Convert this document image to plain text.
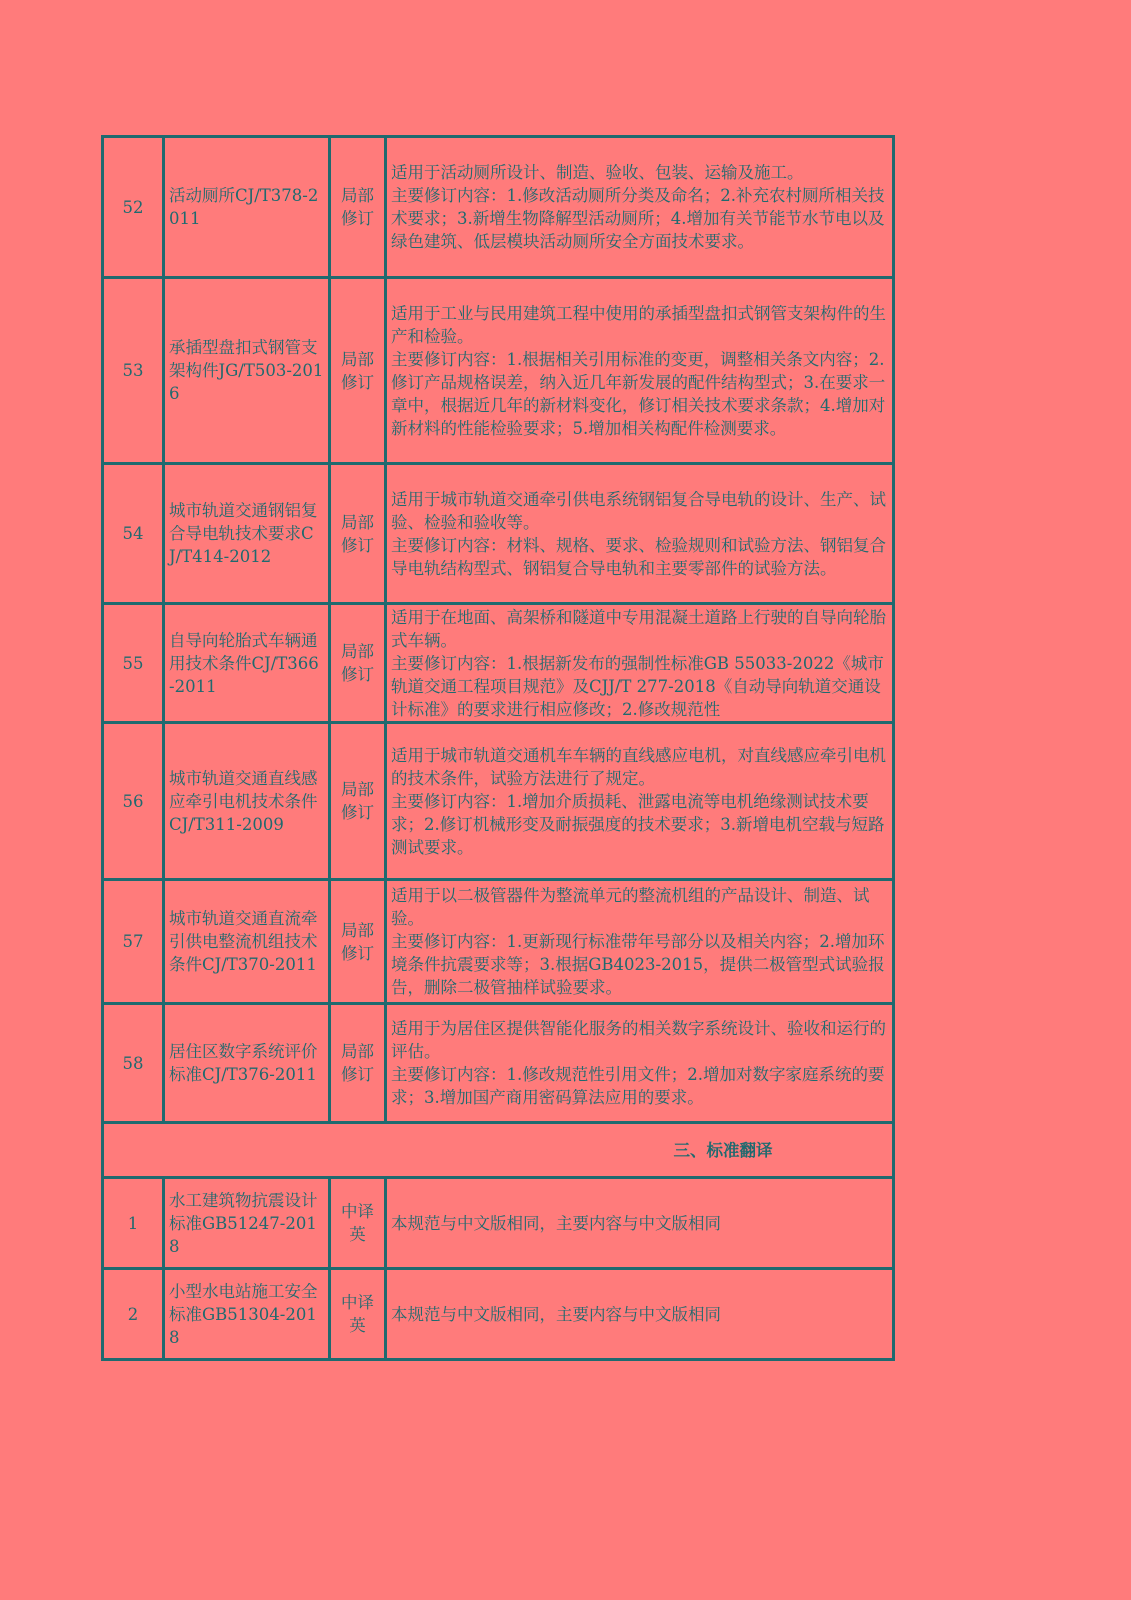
52	活动厕所CJ/T378-2011	局部修订	适用于活动厕所设计、制造、验收、包装、运输及施工。
主要修订内容：1.修改活动厕所分类及命名；2.补充农村厕所相关技术要求；3.新增生物降解型活动厕所；4.增加有关节能节水节电以及绿色建筑、低层模块活动厕所安全方面技术要求。

53	承插型盘扣式钢管支架构件JG/T503-2016	局部修订	适用于工业与民用建筑工程中使用的承插型盘扣式钢管支架构件的生产和检验。
主要修订内容：1.根据相关引用标准的变更，调整相关条文内容；2.修订产品规格误差，纳入近几年新发展的配件结构型式；3.在要求一章中，根据近几年的新材料变化，修订相关技术要求条款；4.增加对新材料的性能检验要求；5.增加相关构配件检测要求。

54	城市轨道交通钢铝复合导电轨技术要求CJ/T414-2012	局部修订	适用于城市轨道交通牵引供电系统钢铝复合导电轨的设计、生产、试验、检验和验收等。
主要修订内容：材料、规格、要求、检验规则和试验方法、钢铝复合导电轨结构型式、钢铝复合导电轨和主要零部件的试验方法。

55	自导向轮胎式车辆通用技术条件CJ/T366-2011	局部修订	适用于在地面、高架桥和隧道中专用混凝土道路上行驶的自导向轮胎式车辆。
主要修订内容：1.根据新发布的强制性标准GB 55033-2022《城市轨道交通工程项目规范》及CJJ/T 277-2018《自动导向轨道交通设计标准》的要求进行相应修改；2.修改规范性

56	城市轨道交通直线感应牵引电机技术条件CJ/T311-2009	局部修订	适用于城市轨道交通机车车辆的直线感应电机，对直线感应牵引电机的技术条件，试验方法进行了规定。
主要修订内容：1.增加介质损耗、泄露电流等电机绝缘测试技术要求；2.修订机械形变及耐振强度的技术要求；3.新增电机空载与短路测试要求。

57	城市轨道交通直流牵引供电整流机组技术条件CJ/T370-2011	局部修订	适用于以二极管器件为整流单元的整流机组的产品设计、制造、试验。
主要修订内容：1.更新现行标准带年号部分以及相关内容；2.增加环境条件抗震要求等；3.根据GB4023-2015，提供二极管型式试验报告，删除二极管抽样试验要求。

58	居住区数字系统评价标准CJ/T376-2011	局部修订	适用于为居住区提供智能化服务的相关数字系统设计、验收和运行的评估。
主要修订内容：1.修改规范性引用文件；2.增加对数字家庭系统的要求；3.增加国产商用密码算法应用的要求。

三、标准翻译			
1	水工建筑物抗震设计标准GB51247-2018	中译英	本规范与中文版相同，主要内容与中文版相同

2	小型水电站施工安全标准GB51304-2018	中译英	本规范与中文版相同，主要内容与中文版相同
